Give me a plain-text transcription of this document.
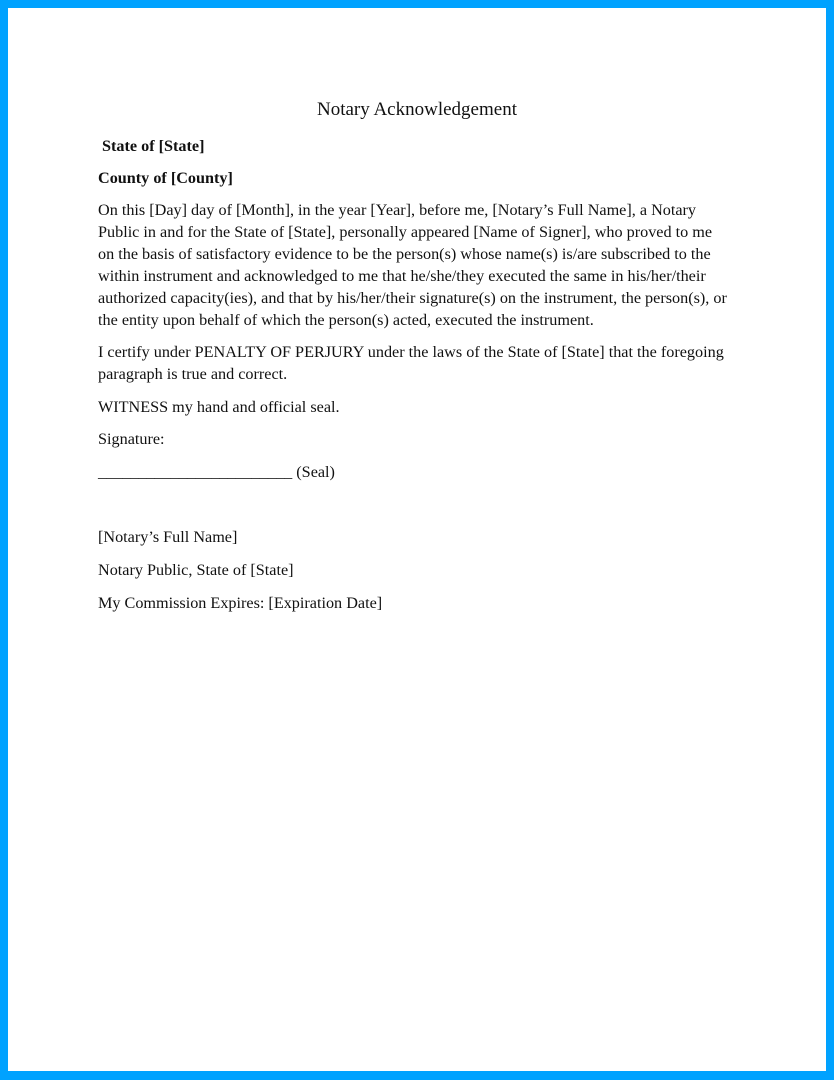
Notary Acknowledgement
State of [State]
County of [County]
On this [Day] day of [Month], in the year [Year], before me, [Notary’s Full Name], a Notary
Public in and for the State of [State], personally appeared [Name of Signer], who proved to me
on the basis of satisfactory evidence to be the person(s) whose name(s) is/are subscribed to the
within instrument and acknowledged to me that he/she/they executed the same in his/her/their
authorized capacity(ies), and that by his/her/their signature(s) on the instrument, the person(s), or
the entity upon behalf of which the person(s) acted, executed the instrument.
I certify under PENALTY OF PERJURY under the laws of the State of [State] that the foregoing
paragraph is true and correct.
WITNESS my hand and official seal.
Signature:
________________________ (Seal)
[Notary’s Full Name]
Notary Public, State of [State]
My Commission Expires: [Expiration Date]
